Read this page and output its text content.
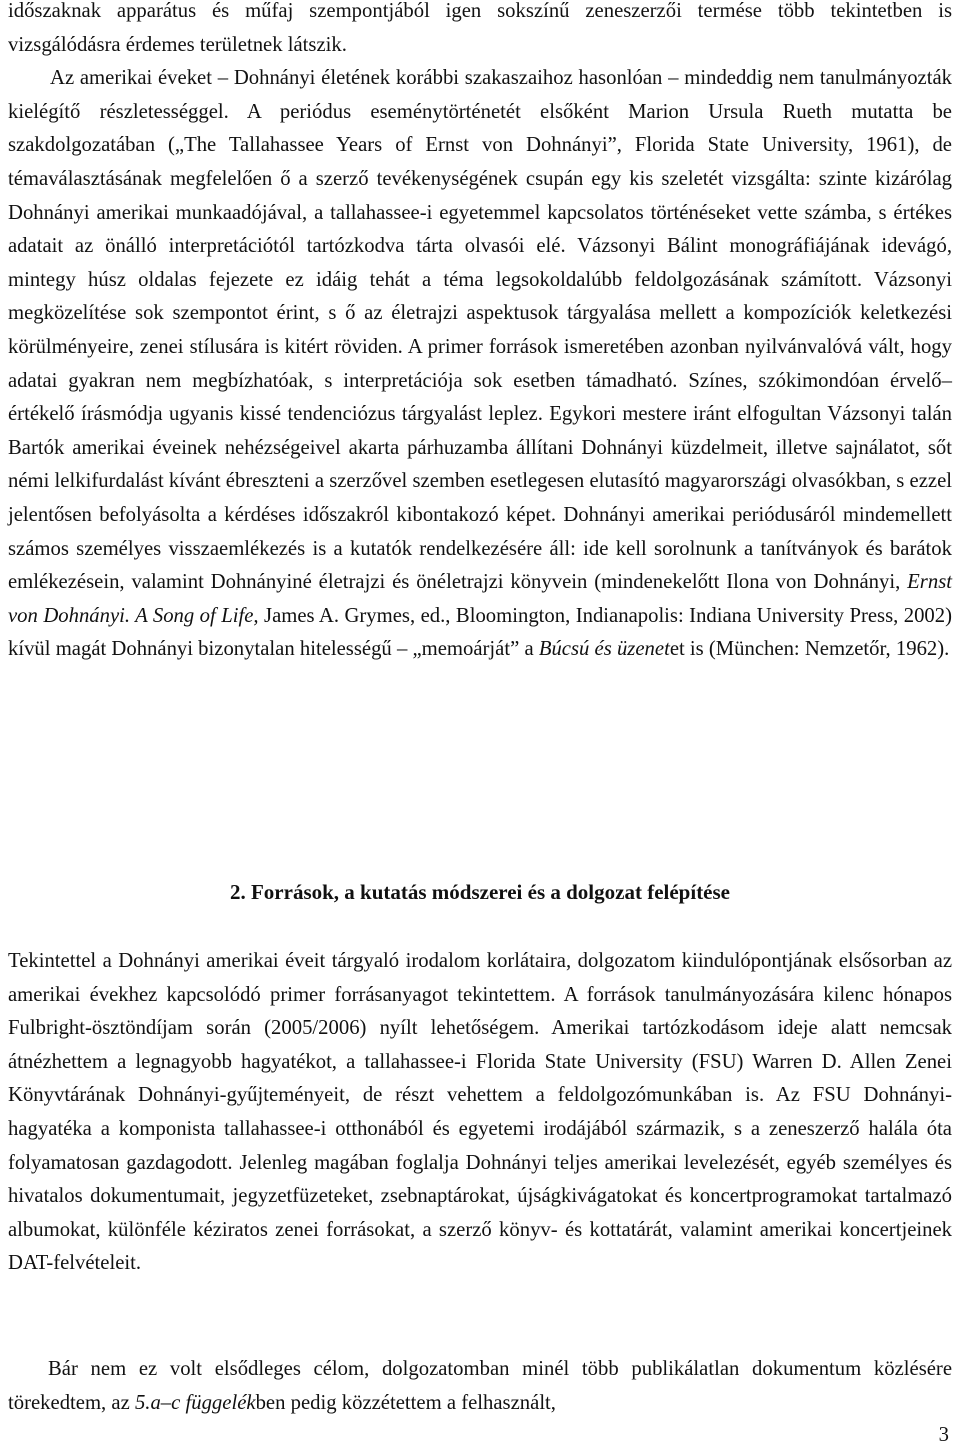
időszaknak apparátus és műfaj szempontjából igen sokszínű zeneszerzői termése több tekintetben is vizsgálódásra érdemes területnek látszik.
Az amerikai éveket – Dohnányi életének korábbi szakaszaihoz hasonlóan – mindeddig nem tanulmányozták kielégítő részletességgel. A periódus eseménytörténetét elsőként Marion Ursula Rueth mutatta be szakdolgozatában („The Tallahassee Years of Ernst von Dohnányi”, Florida State University, 1961), de témaválasztásának megfelelően ő a szerző tevékenységének csupán egy kis szeletét vizsgálta: szinte kizárólag Dohnányi amerikai munkaadójával, a tallahassee-i egyetemmel kapcsolatos történéseket vette számba, s értékes adatait az önálló interpretációtól tartózkodva tárta olvasói elé. Vázsonyi Bálint monográfiájának idevágó, mintegy húsz oldalas fejezete ez idáig tehát a téma legsokoldalúbb feldolgozásának számított. Vázsonyi megközelítése sok szempontot érint, s ő az életrajzi aspektusok tárgyalása mellett a kompozíciók keletkezési körülményeire, zenei stílusára is kitért röviden. A primer források ismeretében azonban nyilvánvalóvá vált, hogy adatai gyakran nem megbízhatóak, s interpretációja sok esetben támadható. Színes, szókimondóan érvelő–értékelő írásmódja ugyanis kissé tendenciózus tárgyalást leplez. Egykori mestere iránt elfogultan Vázsonyi talán Bartók amerikai éveinek nehézségeivel akarta párhuzamba állítani Dohnányi küzdelmeit, illetve sajnálatot, sőt némi lelkifurdalást kívánt ébreszteni a szerzővel szemben esetlegesen elutasító magyarországi olvasókban, s ezzel jelentősen befolyásolta a kérdéses időszakról kibontakozó képet. Dohnányi amerikai periódusáról mindemellett számos személyes visszaemlékezés is a kutatók rendelkezésére áll: ide kell sorolnunk a tanítványok és barátok emlékezésein, valamint Dohnányiné életrajzi és önéletrajzi könyvein (mindenekelőtt Ilona von Dohnányi, Ernst von Dohnányi. A Song of Life, James A. Grymes, ed., Bloomington, Indianapolis: Indiana University Press, 2002) kívül magát Dohnányi bizonytalan hitelességű – „memoárját” a Búcsú és üzenetet is (München: Nemzetőr, 1962).

2. Források, a kutatás módszerei és a dolgozat felépítése

Tekintettel a Dohnányi amerikai éveit tárgyaló irodalom korlátaira, dolgozatom kiindulópontjának elsősorban az amerikai évekhez kapcsolódó primer forrásanyagot tekintettem. A források tanulmányozására kilenc hónapos Fulbright-ösztöndíjam során (2005/2006) nyílt lehetőségem. Amerikai tartózkodásom ideje alatt nemcsak átnézhettem a legnagyobb hagyatékot, a tallahassee-i Florida State University (FSU) Warren D. Allen Zenei Könyvtárának Dohnányi-gyűjteményeit, de részt vehettem a feldolgozómunkában is. Az FSU Dohnányi-hagyatéka a komponista tallahassee-i otthonából és egyetemi irodájából származik, s a zeneszerző halála óta folyamatosan gazdagodott. Jelenleg magában foglalja Dohnányi teljes amerikai levelezését, egyéb személyes és hivatalos dokumentumait, jegyzetfüzeteket, zsebnaptárokat, újságkivágatokat és koncertprogramokat tartalmazó albumokat, különféle kéziratos zenei forrásokat, a szerző könyv- és kottatárát, valamint amerikai koncertjeinek DAT-felvételeit.

Bár nem ez volt elsődleges célom, dolgozatomban minél több publikálatlan dokumentum közlésére törekedtem, az 5.a–c függelékben pedig közzétettem a felhasznált,

3
